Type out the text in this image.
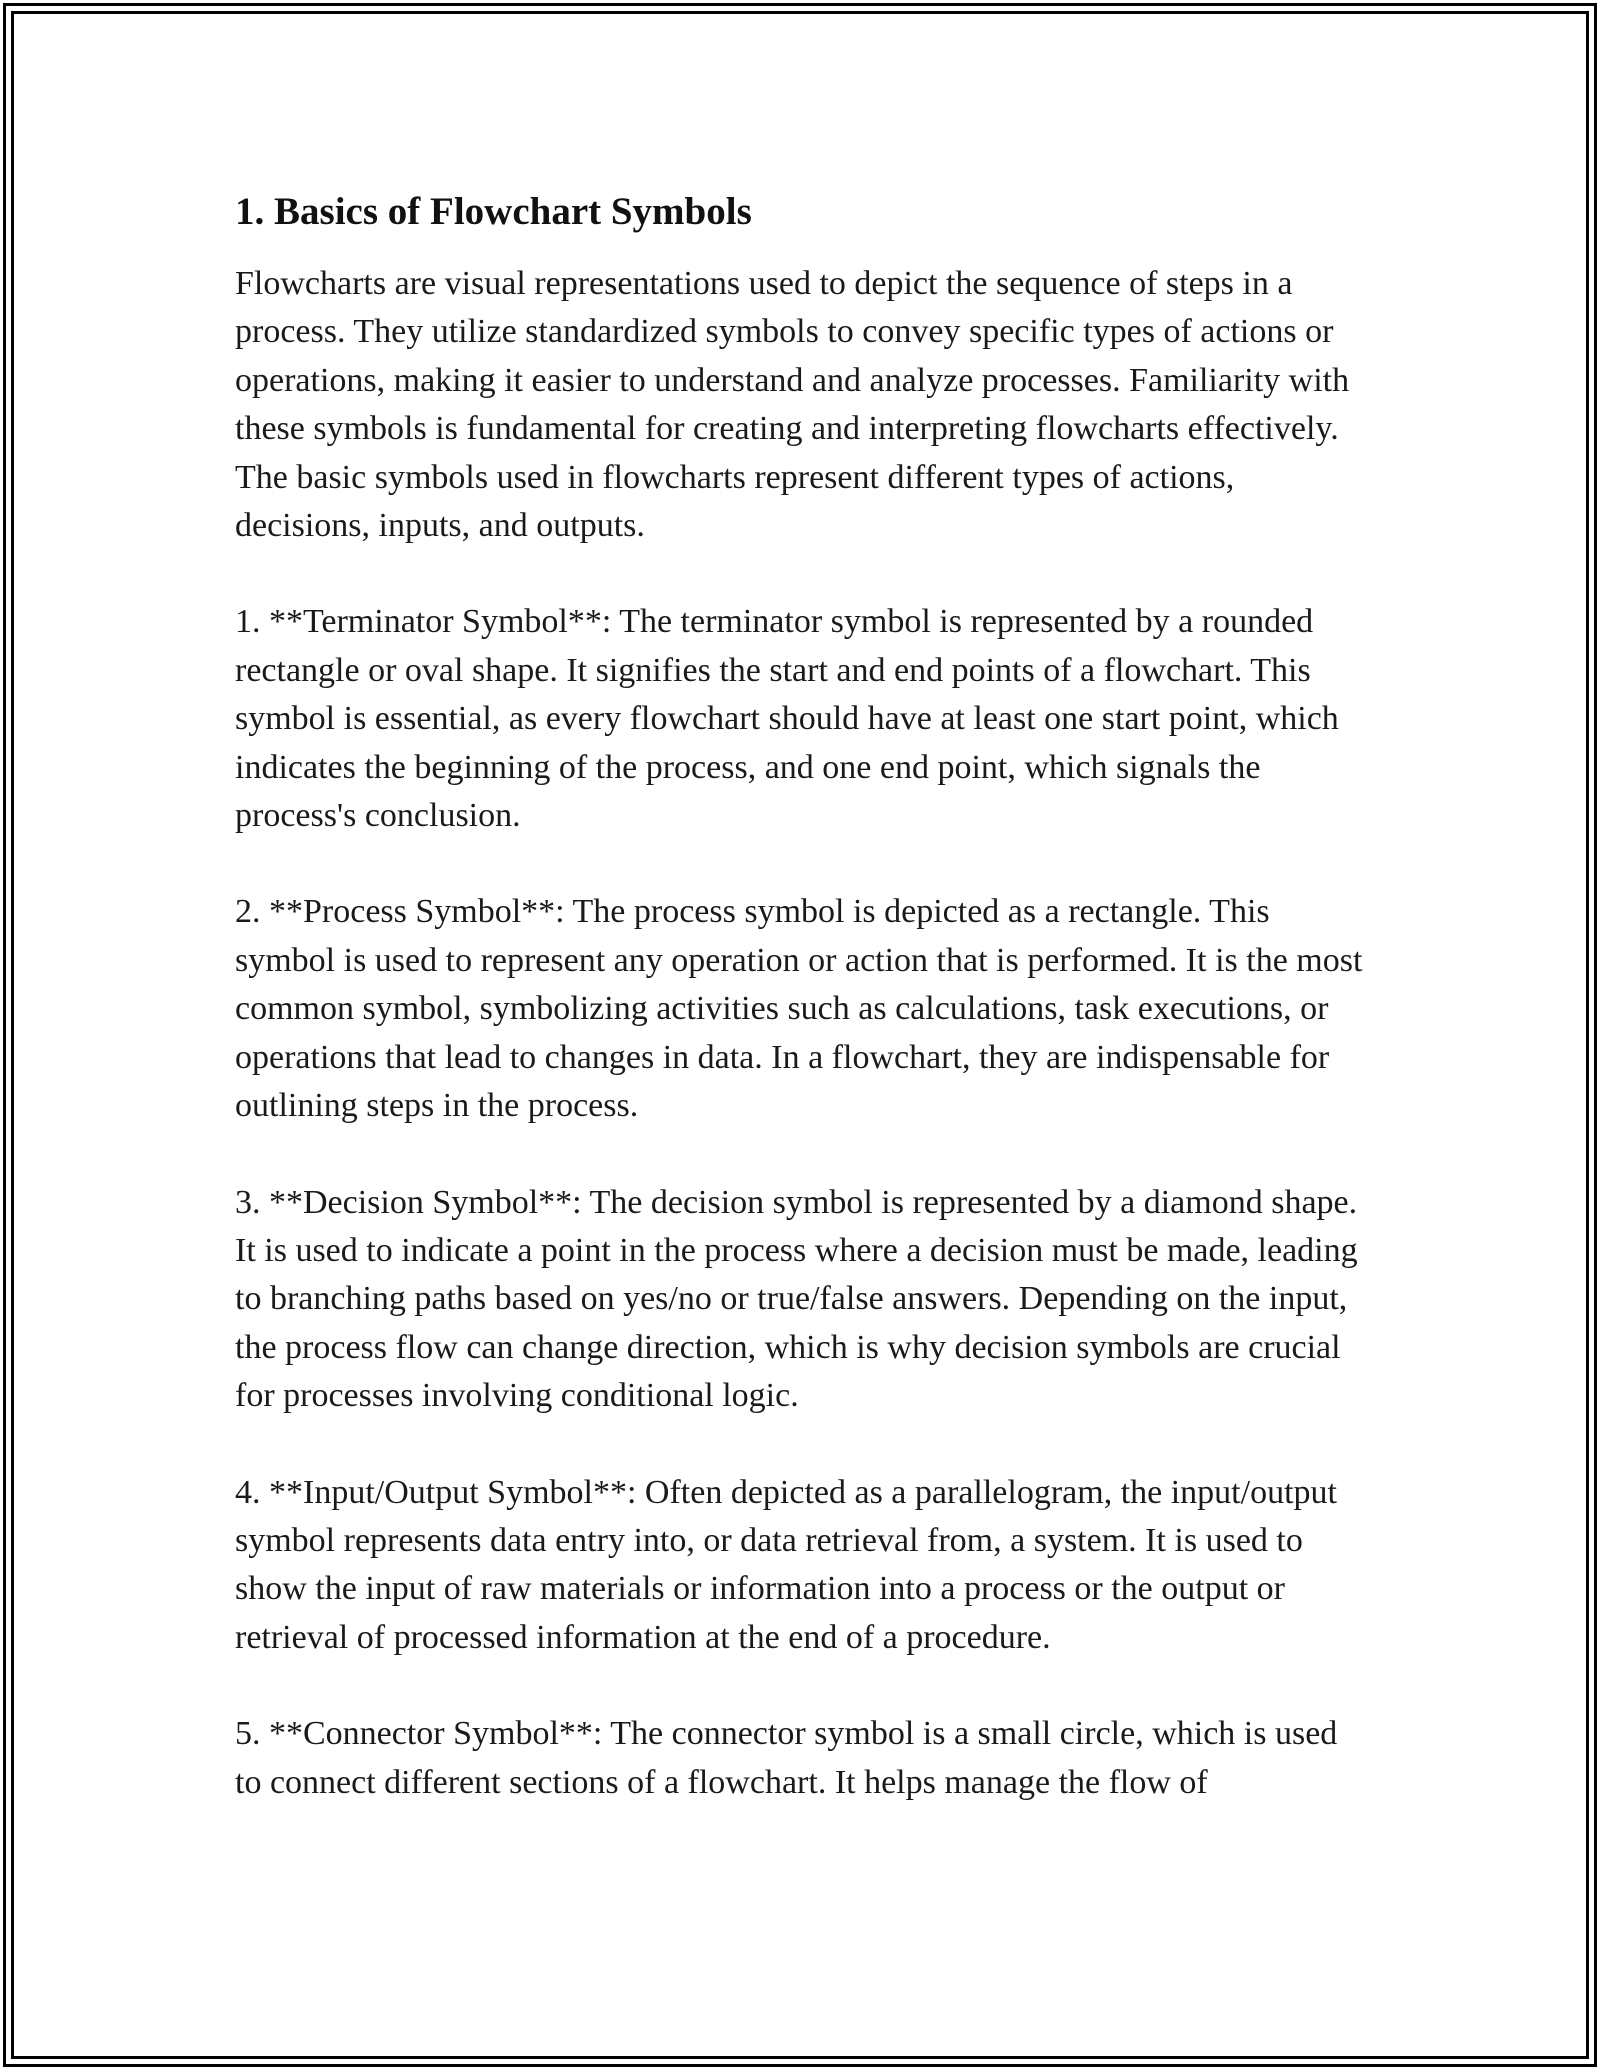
1. Basics of Flowchart Symbols

Flowcharts are visual representations used to depict the sequence of steps in a process. They utilize standardized symbols to convey specific types of actions or operations, making it easier to understand and analyze processes. Familiarity with these symbols is fundamental for creating and interpreting flowcharts effectively. The basic symbols used in flowcharts represent different types of actions, decisions, inputs, and outputs.

1. **Terminator Symbol**: The terminator symbol is represented by a rounded rectangle or oval shape. It signifies the start and end points of a flowchart. This symbol is essential, as every flowchart should have at least one start point, which indicates the beginning of the process, and one end point, which signals the process's conclusion.

2. **Process Symbol**: The process symbol is depicted as a rectangle. This symbol is used to represent any operation or action that is performed. It is the most common symbol, symbolizing activities such as calculations, task executions, or operations that lead to changes in data. In a flowchart, they are indispensable for outlining steps in the process.

3. **Decision Symbol**: The decision symbol is represented by a diamond shape. It is used to indicate a point in the process where a decision must be made, leading to branching paths based on yes/no or true/false answers. Depending on the input, the process flow can change direction, which is why decision symbols are crucial for processes involving conditional logic.

4. **Input/Output Symbol**: Often depicted as a parallelogram, the input/output symbol represents data entry into, or data retrieval from, a system. It is used to show the input of raw materials or information into a process or the output or retrieval of processed information at the end of a procedure.

5. **Connector Symbol**: The connector symbol is a small circle, which is used to connect different sections of a flowchart. It helps manage the flow of
